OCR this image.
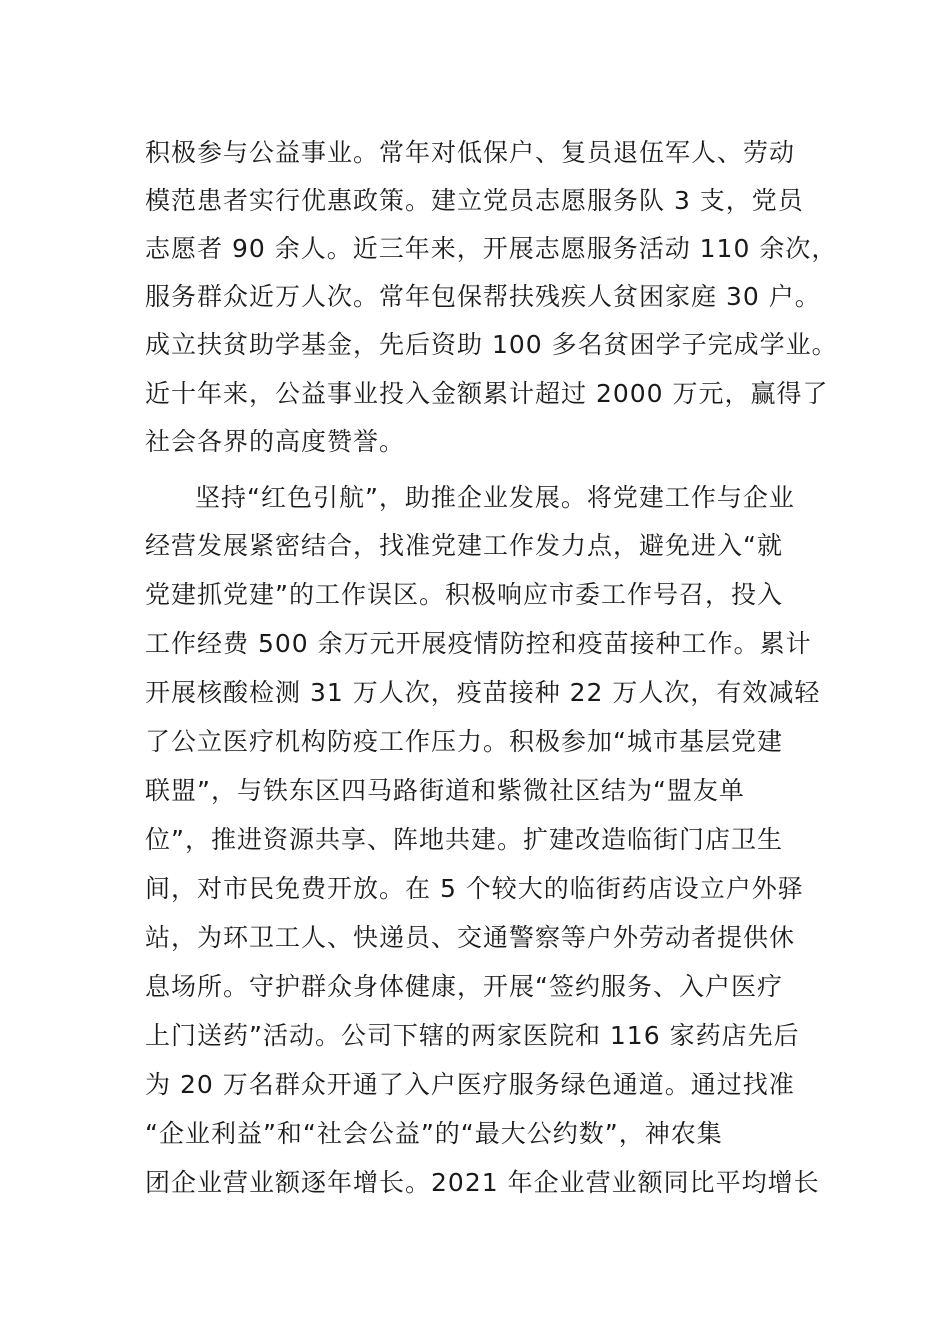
积极参与公益事业。常年对低保户、复员退伍军人、劳动
模范患者实行优惠政策。建立党员志愿服务队 3 支，党员
志愿者 90 余人。近三年来，开展志愿服务活动 110 余次，
服务群众近万人次。常年包保帮扶残疾人贫困家庭 30 户。
成立扶贫助学基金，先后资助 100 多名贫困学子完成学业。
近十年来，公益事业投入金额累计超过 2000 万元，赢得了
社会各界的高度赞誉。
坚持“红色引航”，助推企业发展。将党建工作与企业
经营发展紧密结合，找准党建工作发力点，避免进入“就
党建抓党建”的工作误区。积极响应市委工作号召，投入
工作经费 500 余万元开展疫情防控和疫苗接种工作。累计
开展核酸检测 31 万人次，疫苗接种 22 万人次，有效减轻
了公立医疗机构防疫工作压力。积极参加“城市基层党建
联盟”，与铁东区四马路街道和紫微社区结为“盟友单
位”，推进资源共享、阵地共建。扩建改造临街门店卫生
间，对市民免费开放。在 5 个较大的临街药店设立户外驿
站，为环卫工人、快递员、交通警察等户外劳动者提供休
息场所。守护群众身体健康，开展“签约服务、入户医疗
上门送药”活动。公司下辖的两家医院和 116 家药店先后
为 20 万名群众开通了入户医疗服务绿色通道。通过找准
“企业利益”和“社会公益”的“最大公约数”，神农集
团企业营业额逐年增长。2021 年企业营业额同比平均增长
